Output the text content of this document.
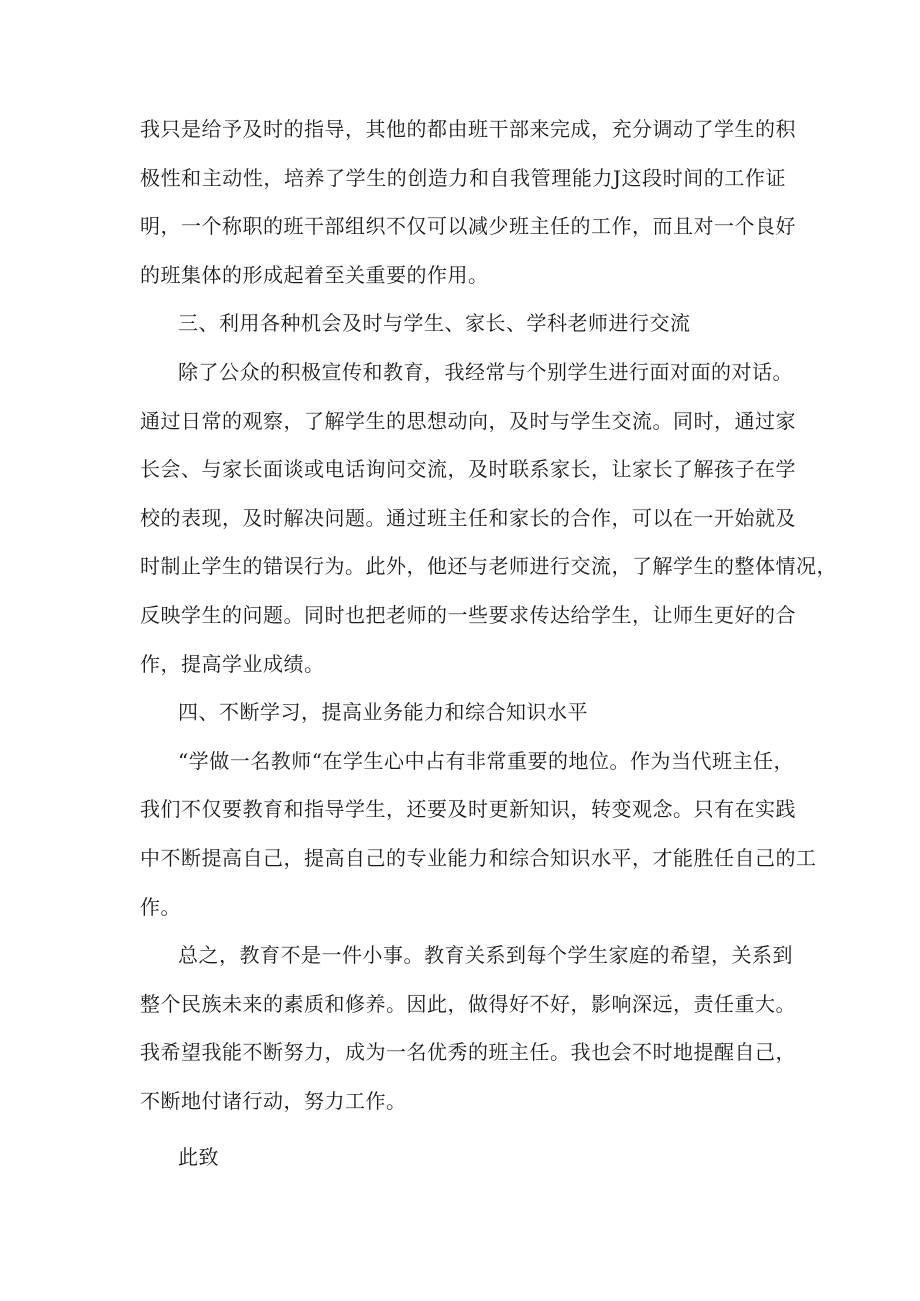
我只是给予及时的指导，其他的都由班干部来完成，充分调动了学生的积
极性和主动性，培养了学生的创造力和自我管理能力J这段时间的工作证
明，一个称职的班干部组织不仅可以减少班主任的工作，而且对一个良好
的班集体的形成起着至关重要的作用。
三、利用各种机会及时与学生、家长、学科老师进行交流
除了公众的积极宣传和教育，我经常与个别学生进行面对面的对话。
通过日常的观察，了解学生的思想动向，及时与学生交流。同时，通过家
长会、与家长面谈或电话询问交流，及时联系家长，让家长了解孩子在学
校的表现，及时解决问题。通过班主任和家长的合作，可以在一开始就及
时制止学生的错误行为。此外，他还与老师进行交流，了解学生的整体情况，
反映学生的问题。同时也把老师的一些要求传达给学生，让师生更好的合
作，提高学业成绩。
四、不断学习，提高业务能力和综合知识水平
“学做一名教师“在学生心中占有非常重要的地位。作为当代班主任，
我们不仅要教育和指导学生，还要及时更新知识，转变观念。只有在实践
中不断提高自己，提高自己的专业能力和综合知识水平，才能胜任自己的工
作。
总之，教育不是一件小事。教育关系到每个学生家庭的希望，关系到
整个民族未来的素质和修养。因此，做得好不好，影响深远，责任重大。
我希望我能不断努力，成为一名优秀的班主任。我也会不时地提醒自己，
不断地付诸行动，努力工作。
此致
